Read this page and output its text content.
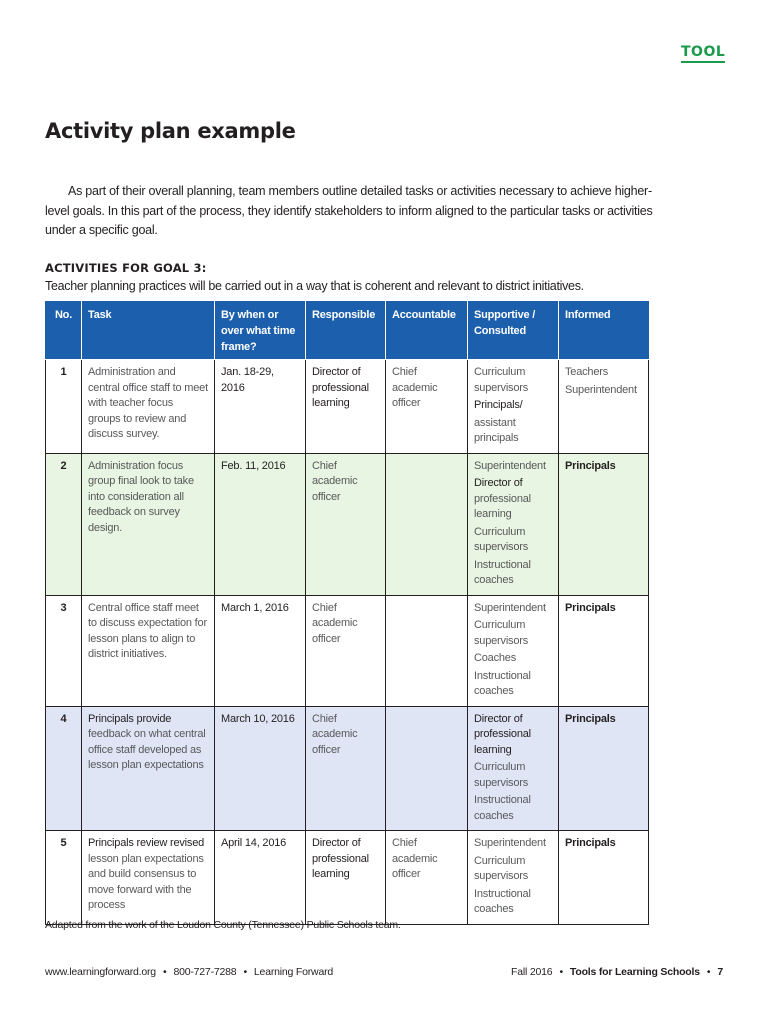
TOOL
Activity plan example

As part of their overall planning, team members outline detailed tasks or activities necessary to achieve higher-level goals. In this part of the process, they identify stakeholders to inform aligned to the particular tasks or activities under a specific goal.

ACTIVITIES FOR GOAL 3:

Teacher planning practices will be carried out in a way that is coherent and relevant to district initiatives.

No.	Task	By when or over what time frame?	Responsible	Accountable	Supportive / Consulted	Informed
1	Administration and central office staff to meet with teacher focus groups to review and discuss survey.	Jan. 18-29, 2016	Director of professional learning	Chief academic officer	Curriculum supervisors
Principals/
assistant principals	Teachers
Superintendent

2	Administration focus group final look to take into consideration all feedback on survey design.	Feb. 11, 2016	Chief academic officer		Superintendent
Director of
professional learning
Curriculum supervisors
Instructional coaches	Principals

3	Central office staff meet to discuss expectation for lesson plans to align to district initiatives.	March 1, 2016	Chief academic officer		Superintendent
Curriculum supervisors
Coaches
Instructional coaches	Principals

4	Principals provide feedback on what central office staff developed as lesson plan expectations	March 10, 2016	Chief academic officer		Director of professional learning
Curriculum supervisors
Instructional coaches	Principals

5	Principals review revised lesson plan expectations and build consensus to move forward with the process	April 14, 2016	Director of professional learning	Chief academic officer	Superintendent
Curriculum supervisors
Instructional coaches	Principals

Adapted from the work of the Loudon County (Tennessee) Public Schools team.

www.learningforward.org • 800-727-7288 • Learning Forward	Fall 2016 • Tools for Learning Schools • 7
